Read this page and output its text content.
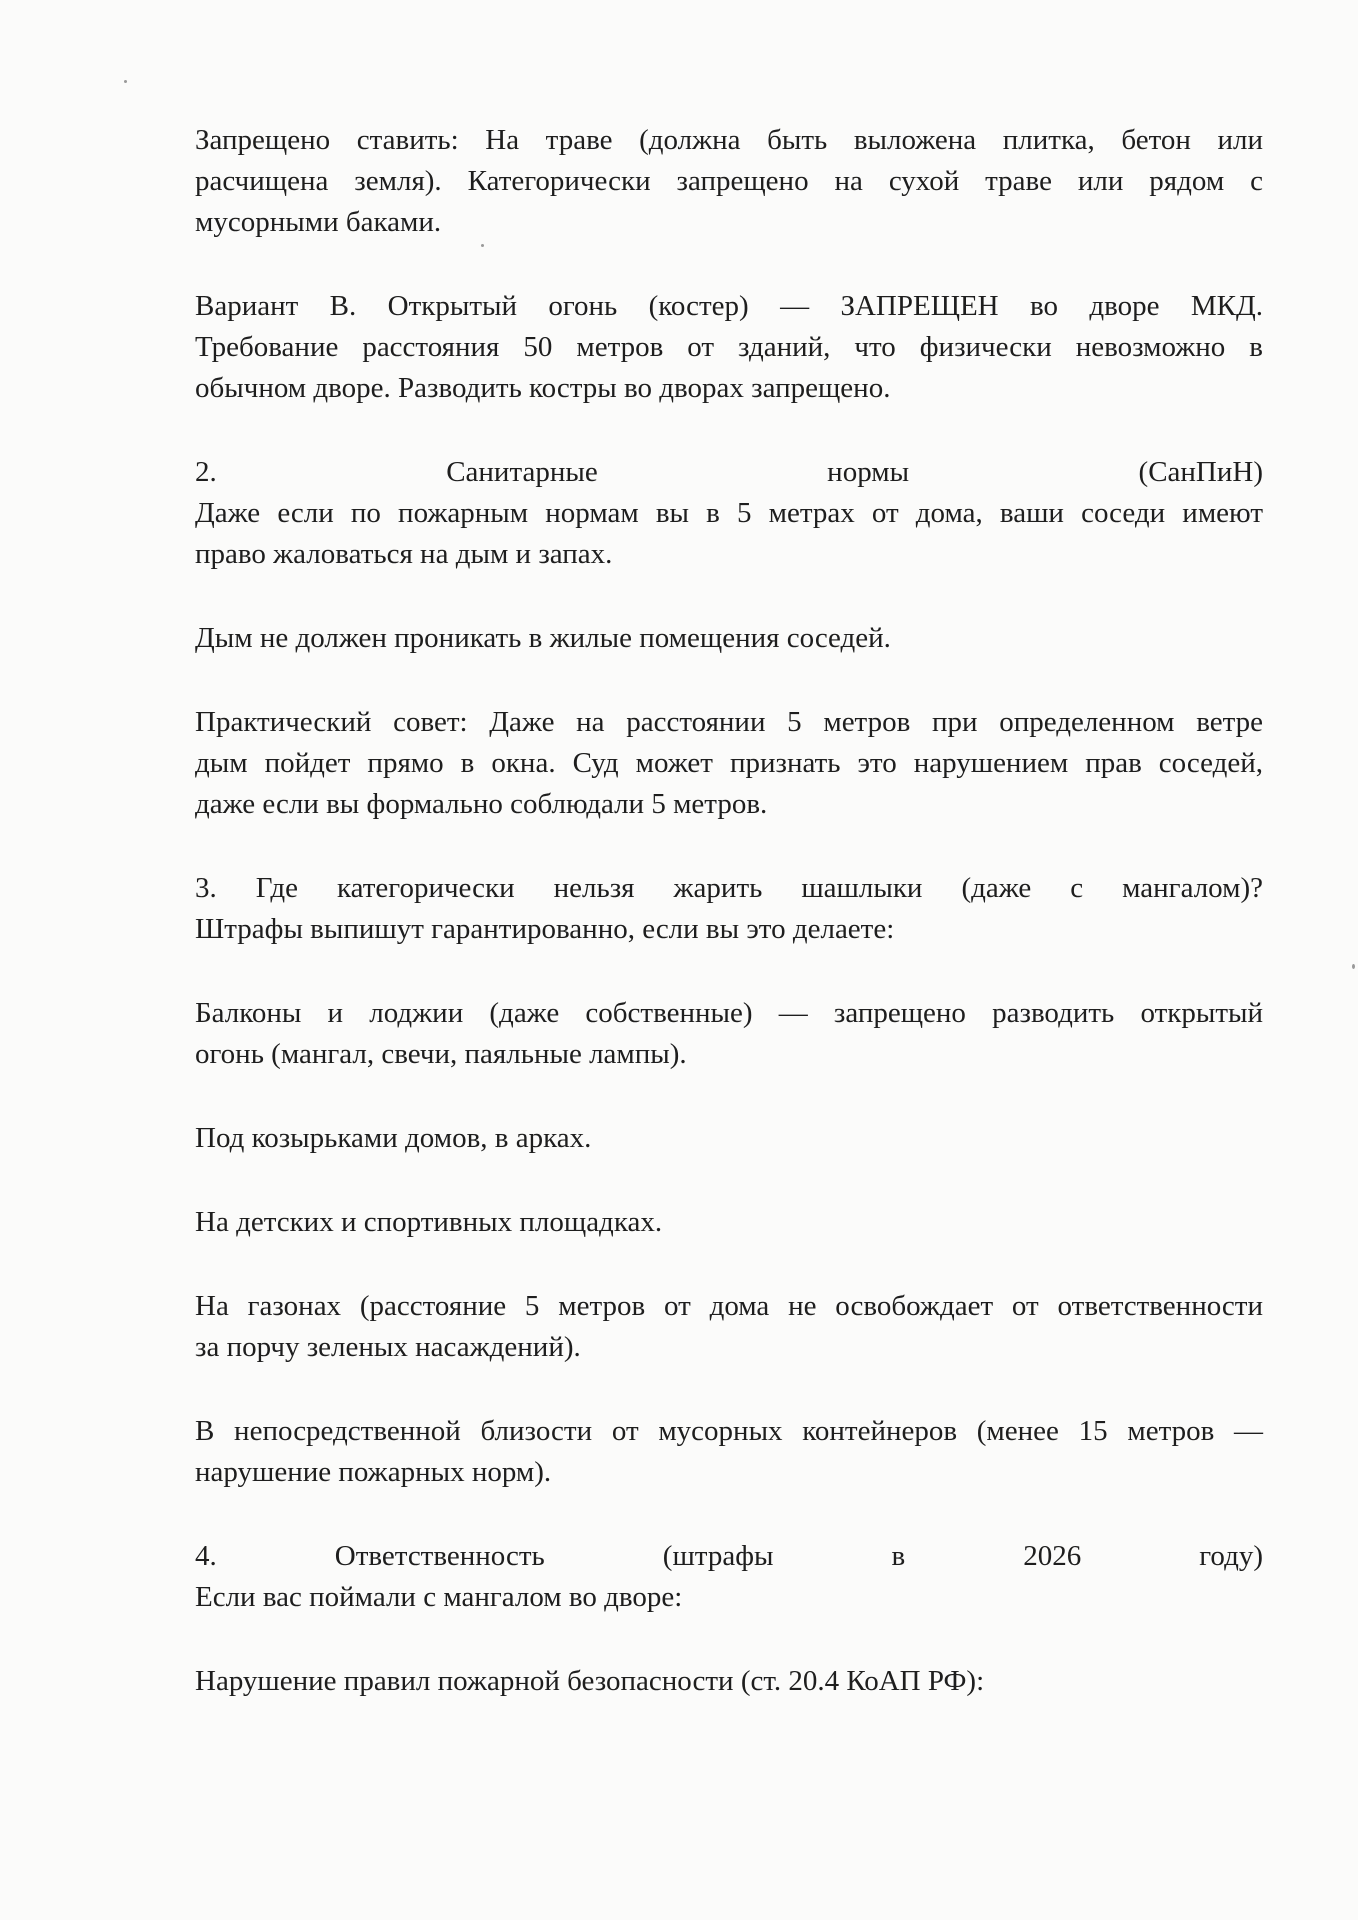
Запрещено ставить: На траве (должна быть выложена плитка, бетон или
расчищена земля). Категорически запрещено на сухой траве или рядом с
мусорными баками.
Вариант В. Открытый огонь (костер) — ЗАПРЕЩЕН во дворе МКД.
Требование расстояния 50 метров от зданий, что физически невозможно в
обычном дворе. Разводить костры во дворах запрещено.
2. Санитарные нормы (СанПиН)
Даже если по пожарным нормам вы в 5 метрах от дома, ваши соседи имеют
право жаловаться на дым и запах.
Дым не должен проникать в жилые помещения соседей.
Практический совет: Даже на расстоянии 5 метров при определенном ветре
дым пойдет прямо в окна. Суд может признать это нарушением прав соседей,
даже если вы формально соблюдали 5 метров.
3. Где категорически нельзя жарить шашлыки (даже с мангалом)?
Штрафы выпишут гарантированно, если вы это делаете:
Балконы и лоджии (даже собственные) — запрещено разводить открытый
огонь (мангал, свечи, паяльные лампы).
Под козырьками домов, в арках.
На детских и спортивных площадках.
На газонах (расстояние 5 метров от дома не освобождает от ответственности
за порчу зеленых насаждений).
В непосредственной близости от мусорных контейнеров (менее 15 метров —
нарушение пожарных норм).
4. Ответственность (штрафы в 2026 году)
Если вас поймали с мангалом во дворе:
Нарушение правил пожарной безопасности (ст. 20.4 КоАП РФ):
